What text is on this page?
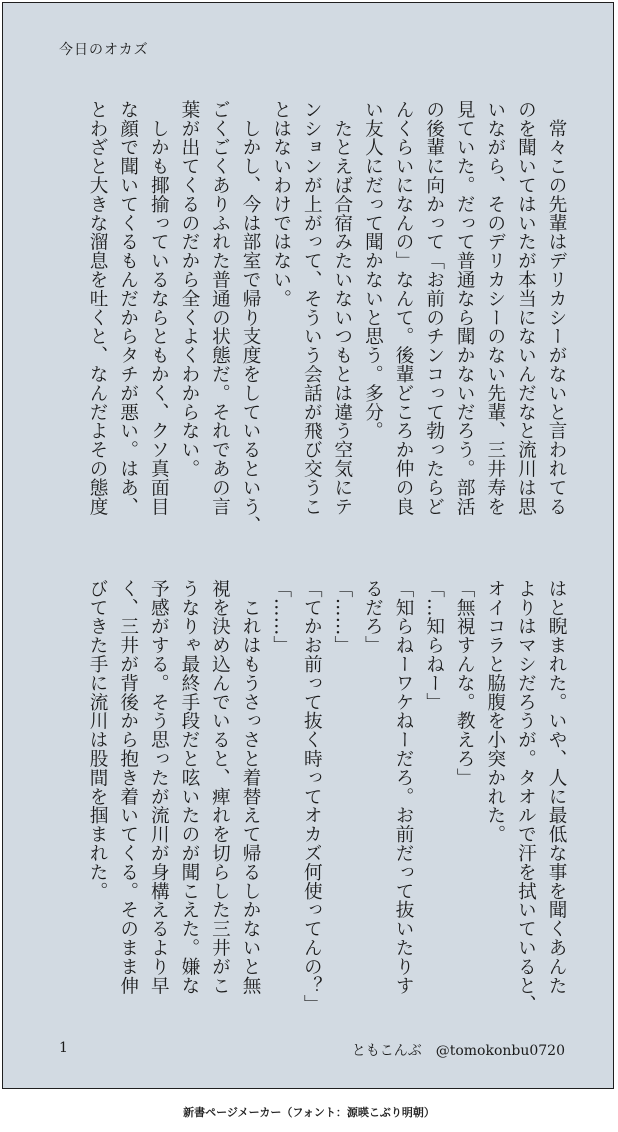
今日のオカズ
　常々この先輩はデリカシーがないと言われてる
のを聞いてはいたが本当にないんだなと流川は思
いながら、そのデリカシーのない先輩、三井寿を
見ていた。だって普通なら聞かないだろう。部活
の後輩に向かって「お前のチンコって勃ったらど
んくらいになんの」なんて。後輩どころか仲の良
い友人にだって聞かないと思う。多分。
　たとえば合宿みたいないつもとは違う空気にテ
ンションが上がって、そういう会話が飛び交うこ
とはないわけではない。
　しかし、今は部室で帰り支度をしているという、
ごくごくありふれた普通の状態だ。それであの言
葉が出てくるのだから全くよくわからない。
　しかも揶揄っているならともかく、クソ真面目
な顔で聞いてくるもんだからタチが悪い。はあ、
とわざと大きな溜息を吐くと、なんだよその態度
はと睨まれた。いや、人に最低な事を聞くあんた
よりはマシだろうが。タオルで汗を拭いていると、
オイコラと脇腹を小突かれた。
「無視すんな。教えろ」
「…知らねー」
「知らねーワケねーだろ。お前だって抜いたりす
るだろ」
「……」
「てかお前って抜く時ってオカズ何使ってんの？」
「……」
　これはもうさっさと着替えて帰るしかないと無
視を決め込んでいると、痺れを切らした三井がこ
うなりゃ最終手段だと呟いたのが聞こえた。嫌な
予感がする。そう思ったが流川が身構えるより早
く、三井が背後から抱き着いてくる。そのまま伸
びてきた手に流川は股間を掴まれた。
1	ともこんぶ @tomokonbu0720
新書ページメーカー（フォント：源暎こぶり明朝）
